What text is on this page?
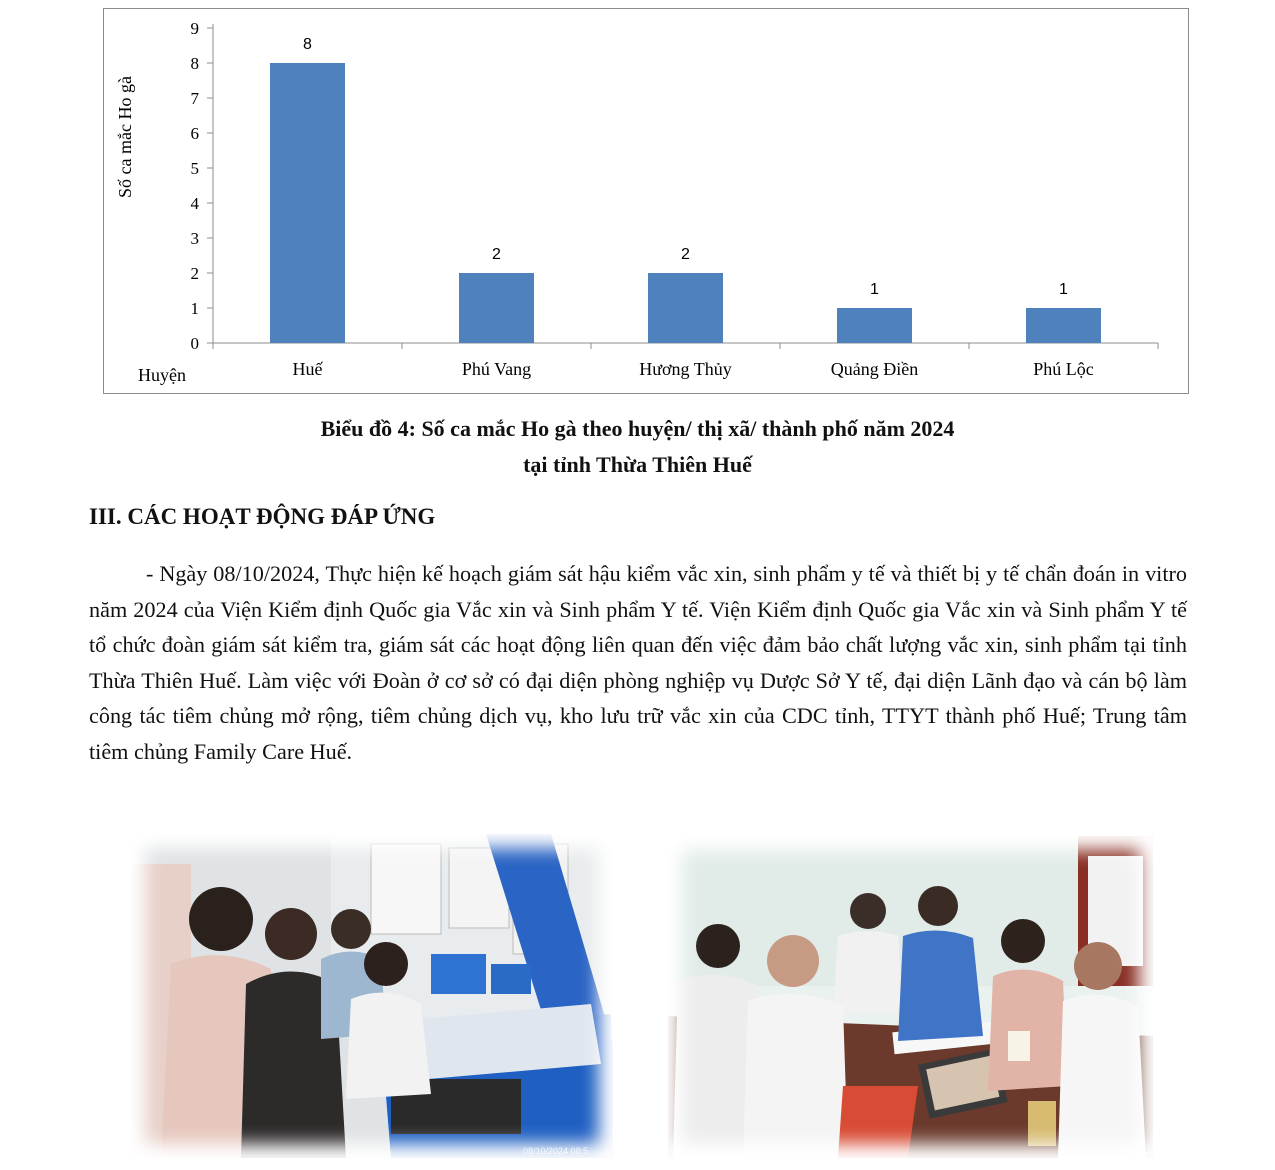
0
1
2
3
4
5
6
7
8
9
8
2	2
1	1
Huế	Phú Vang	Hương Thủy	Quảng Điền	Phú Lộc
Số ca mắc Ho gà
Huyện
Biểu đồ 4: Số ca mắc Ho gà theo huyện/ thị xã/ thành phố năm 2024
tại tỉnh Thừa Thiên Huế
III. CÁC HOẠT ĐỘNG ĐÁP ỨNG

- Ngày 08/10/2024, Thực hiện kế hoạch giám sát hậu kiểm vắc xin, sinh phẩm y tế và thiết bị y tế chẩn đoán in vitro năm 2024 của Viện Kiểm định Quốc gia Vắc xin và Sinh phẩm Y tế. Viện Kiểm định Quốc gia Vắc xin và Sinh phẩm Y tế tổ chức đoàn giám sát kiểm tra, giám sát các hoạt động liên quan đến việc đảm bảo chất lượng vắc xin, sinh phẩm tại tỉnh Thừa Thiên Huế. Làm việc với Đoàn ở cơ sở có đại diện phòng nghiệp vụ Dược Sở Y tế, đại diện Lãnh đạo và cán bộ làm công tác tiêm chủng mở rộng, tiêm chủng dịch vụ, kho lưu trữ vắc xin của CDC tỉnh, TTYT thành phố Huế; Trung tâm tiêm chủng Family Care Huế.

08/10/2024 08:5
